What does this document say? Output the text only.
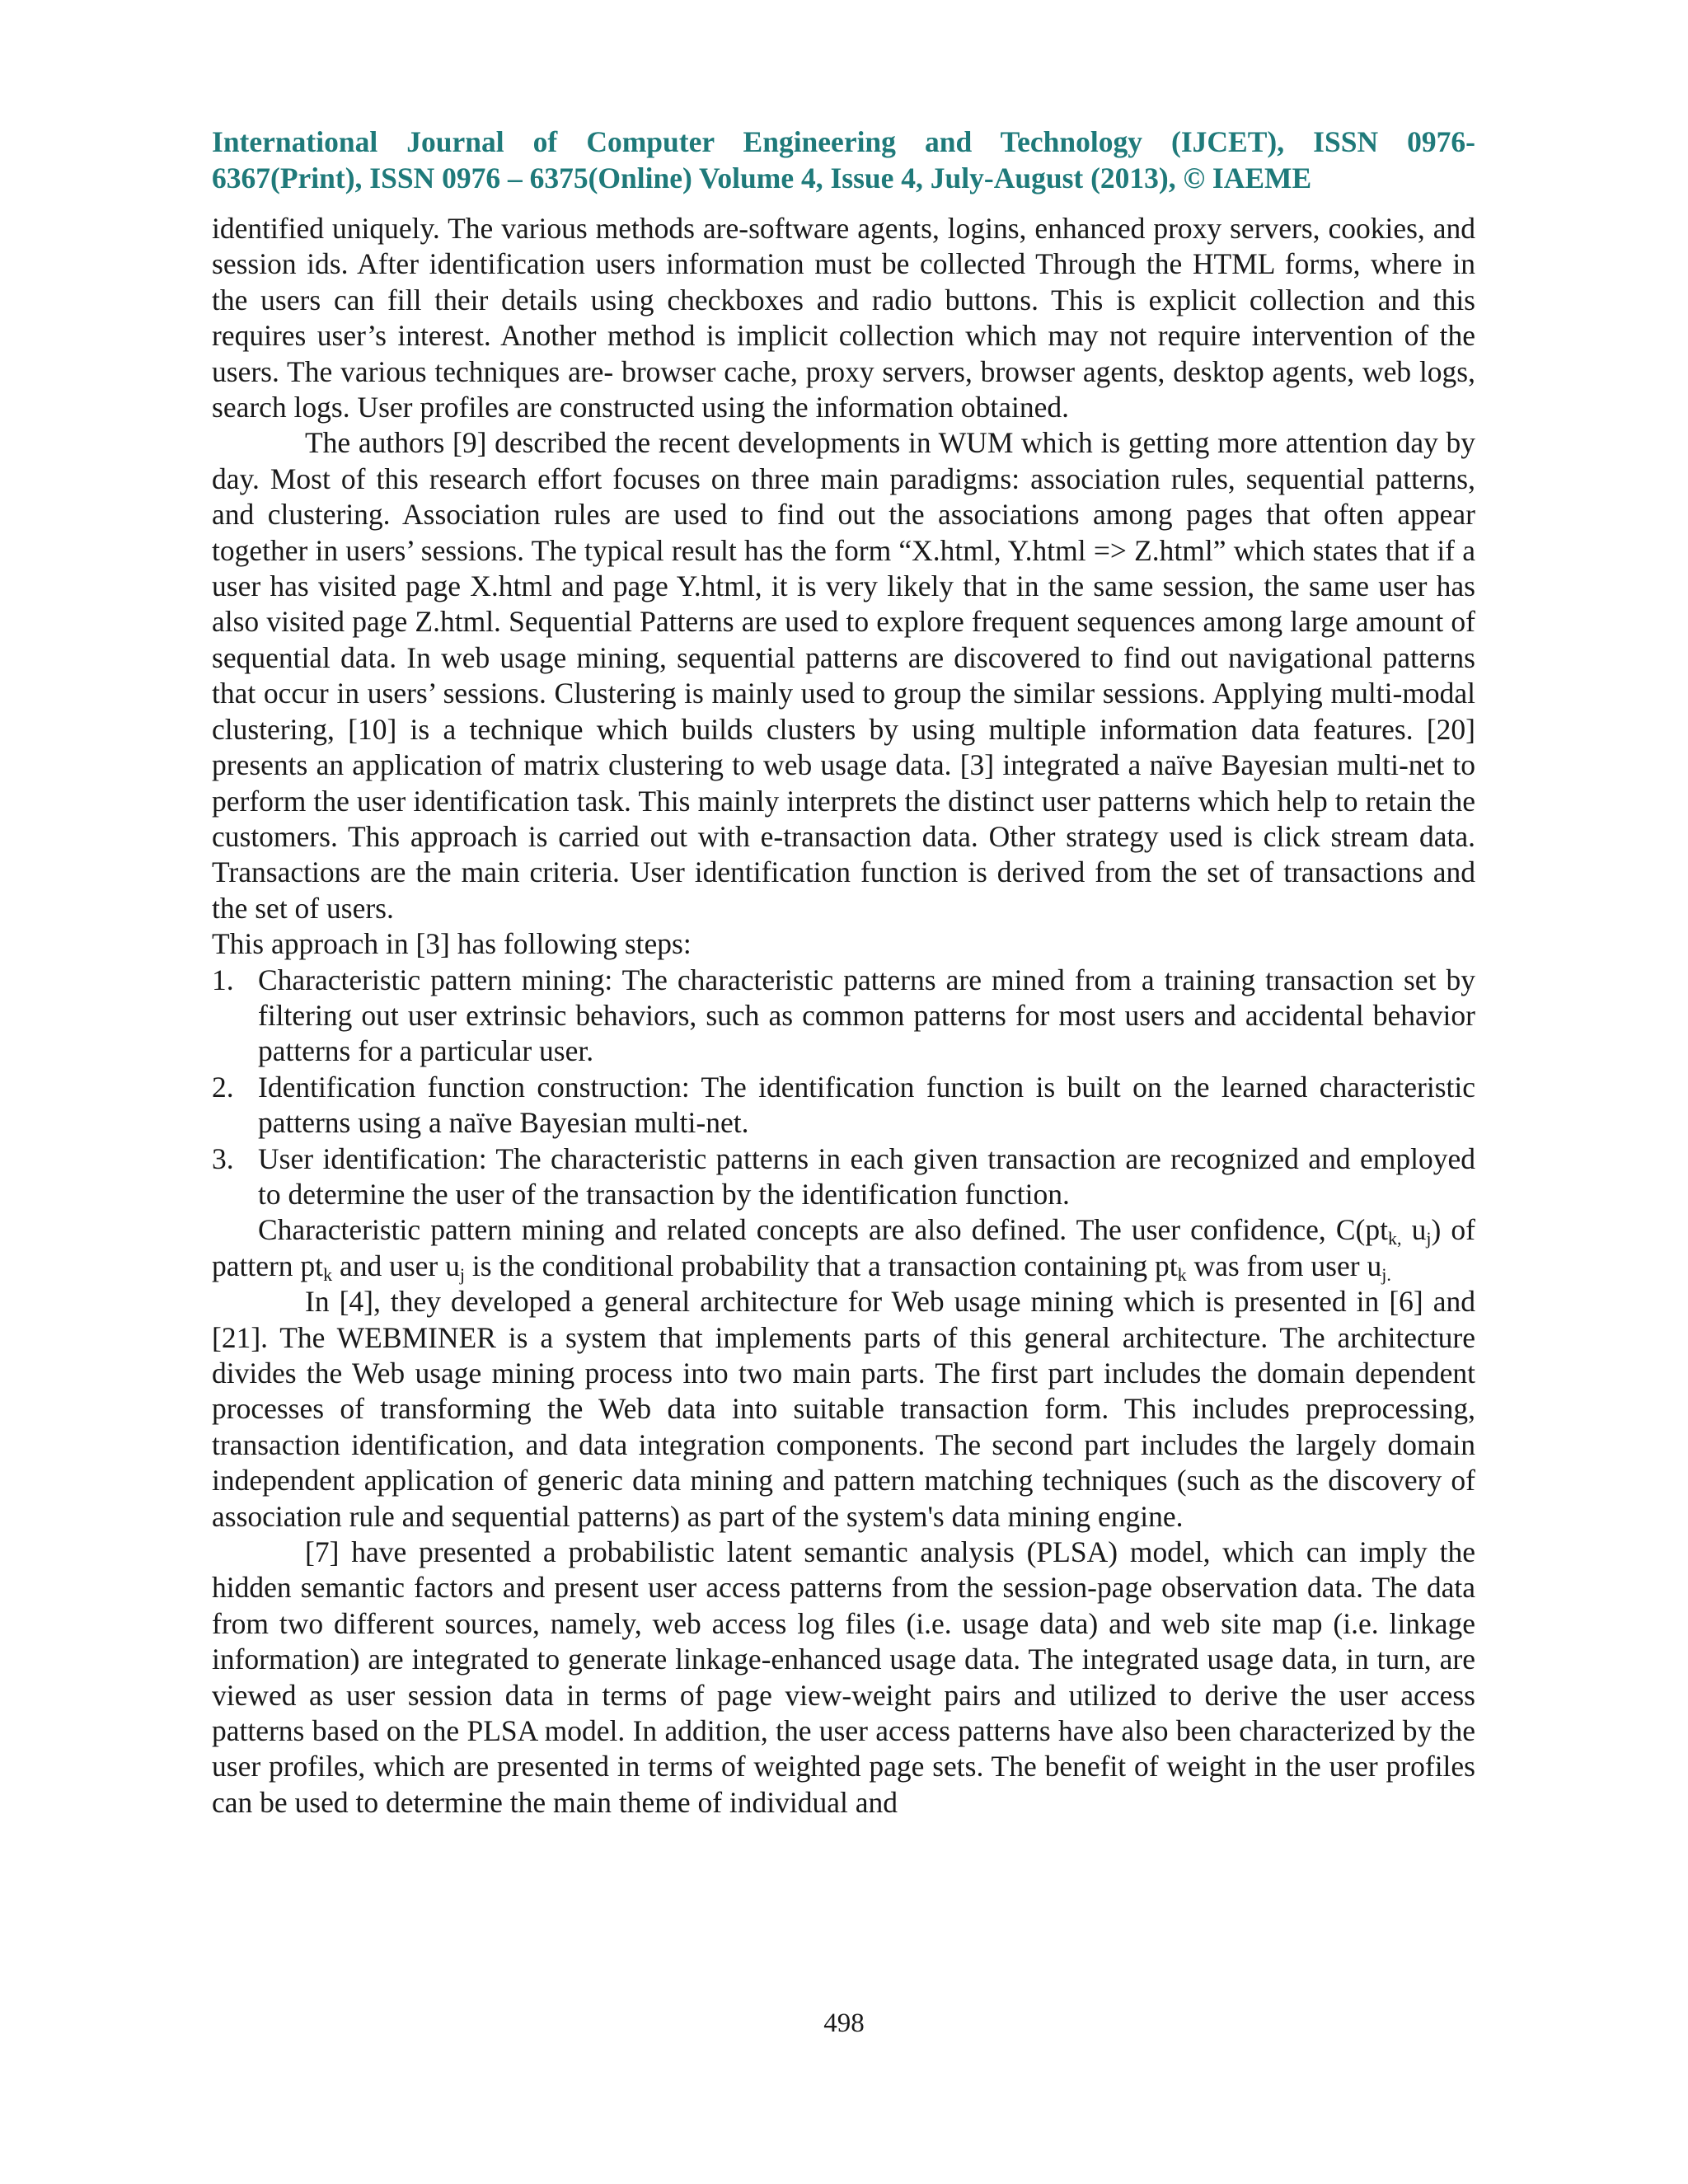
International Journal of Computer Engineering and Technology (IJCET), ISSN 0976-
6367(Print), ISSN 0976 – 6375(Online) Volume 4, Issue 4, July-August (2013), © IAEME

identified uniquely. The various methods are-software agents, logins, enhanced proxy servers, cookies, and session ids. After identification users information must be collected Through the HTML forms, where in the users can fill their details using checkboxes and radio buttons. This is explicit collection and this requires user’s interest. Another method is implicit collection which may not require intervention of the users. The various techniques are- browser cache, proxy servers, browser agents, desktop agents, web logs, search logs. User profiles are constructed using the information obtained.

The authors [9] described the recent developments in WUM which is getting more attention day by day. Most of this research effort focuses on three main paradigms: association rules, sequential patterns, and clustering. Association rules are used to find out the associations among pages that often appear together in users’ sessions. The typical result has the form “X.html, Y.html => Z.html” which states that if a user has visited page X.html and page Y.html, it is very likely that in the same session, the same user has also visited page Z.html. Sequential Patterns are used to explore frequent sequences among large amount of sequential data. In web usage mining, sequential patterns are discovered to find out navigational patterns that occur in users’ sessions. Clustering is mainly used to group the similar sessions. Applying multi-modal clustering, [10] is a technique which builds clusters by using multiple information data features. [20] presents an application of matrix clustering to web usage data. [3] integrated a naïve Bayesian multi-net to perform the user identification task. This mainly interprets the distinct user patterns which help to retain the customers. This approach is carried out with e-transaction data. Other strategy used is click stream data. Transactions are the main criteria. User identification function is derived from the set of transactions and the set of users.

This approach in [3] has following steps:

1. Characteristic pattern mining: The characteristic patterns are mined from a training transaction set by filtering out user extrinsic behaviors, such as common patterns for most users and accidental behavior patterns for a particular user.
2. Identification function construction: The identification function is built on the learned characteristic patterns using a naïve Bayesian multi-net.
3. User identification: The characteristic patterns in each given transaction are recognized and employed to determine the user of the transaction by the identification function.

Characteristic pattern mining and related concepts are also defined. The user confidence, $C(pt_{k,}$ $u_j$) of pattern $pt_k$ and user $u_j$ is the conditional probability that a transaction containing $pt_k$ was from user $u_{j.}$

In [4], they developed a general architecture for Web usage mining which is presented in [6] and [21]. The WEBMINER is a system that implements parts of this general architecture. The architecture divides the Web usage mining process into two main parts. The first part includes the domain dependent processes of transforming the Web data into suitable transaction form. This includes preprocessing, transaction identification, and data integration components. The second part includes the largely domain independent application of generic data mining and pattern matching techniques (such as the discovery of association rule and sequential patterns) as part of the system's data mining engine.

[7] have presented a probabilistic latent semantic analysis (PLSA) model, which can imply the hidden semantic factors and present user access patterns from the session-page observation data. The data from two different sources, namely, web access log files (i.e. usage data) and web site map (i.e. linkage information) are integrated to generate linkage-enhanced usage data. The integrated usage data, in turn, are viewed as user session data in terms of page view-weight pairs and utilized to derive the user access patterns based on the PLSA model. In addition, the user access patterns have also been characterized by the user profiles, which are presented in terms of weighted page sets. The benefit of weight in the user profiles can be used to determine the main theme of individual and

498
